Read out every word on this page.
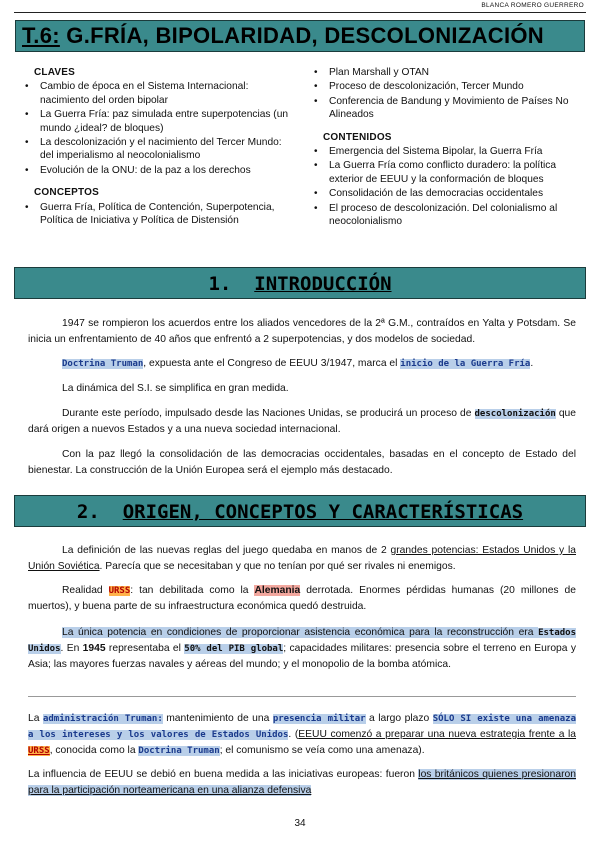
BLANCA ROMERO GUERRERO
T.6: G.FRÍA, BIPOLARIDAD, DESCOLONIZACIÓN
CLAVES
• Cambio de época en el Sistema Internacional: nacimiento del orden bipolar
• La Guerra Fría: paz simulada entre superpotencias (un mundo ¿ideal? de bloques)
• La descolonización y el nacimiento del Tercer Mundo: del imperialismo al neocolonialismo
• Evolución de la ONU: de la paz a los derechos
CONCEPTOS
• Guerra Fría, Política de Contención, Superpotencia, Política de Iniciativa y Política de Distensión
• Plan Marshall y OTAN
• Proceso de descolonización, Tercer Mundo
• Conferencia de Bandung y Movimiento de Países No Alineados
CONTENIDOS
• Emergencia del Sistema Bipolar, la Guerra Fría
• La Guerra Fría como conflicto duradero: la política exterior de EEUU y la conformación de bloques
• Consolidación de las democracias occidentales
• El proceso de descolonización. Del colonialismo al neocolonialismo
1. INTRODUCCIÓN
1947 se rompieron los acuerdos entre los aliados vencedores de la 2ª G.M., contraídos en Yalta y Potsdam. Se inicia un enfrentamiento de 40 años que enfrentó a 2 superpotencias, y dos modelos de sociedad.
Doctrina Truman, expuesta ante el Congreso de EEUU 3/1947, marca el inicio de la Guerra Fría.
La dinámica del S.I. se simplifica en gran medida.
Durante este período, impulsado desde las Naciones Unidas, se producirá un proceso de descolonización que dará origen a nuevos Estados y a una nueva sociedad internacional.
Con la paz llegó la consolidación de las democracias occidentales, basadas en el concepto de Estado del bienestar. La construcción de la Unión Europea será el ejemplo más destacado.
2. ORIGEN, CONCEPTOS Y CARACTERÍSTICAS
La definición de las nuevas reglas del juego quedaba en manos de 2 grandes potencias: Estados Unidos y la Unión Soviética. Parecía que se necesitaban y que no tenían por qué ser rivales ni enemigos.
Realidad URSS: tan debilitada como la Alemania derrotada. Enormes pérdidas humanas (20 millones de muertos), y buena parte de su infraestructura económica quedó destruida.
La única potencia en condiciones de proporcionar asistencia económica para la reconstrucción era Estados Unidos. En 1945 representaba el 50% del PIB global; capacidades militares: presencia sobre el terreno en Europa y Asia; las mayores fuerzas navales y aéreas del mundo; y el monopolio de la bomba atómica.
La administración Truman: mantenimiento de una presencia militar a largo plazo SÓLO SI existe una amenaza a los intereses y los valores de Estados Unidos. (EEUU comenzó a preparar una nueva estrategia frente a la URSS, conocida como la Doctrina Truman; el comunismo se veía como una amenaza).
La influencia de EEUU se debió en buena medida a las iniciativas europeas: fueron los británicos quienes presionaron para la participación norteamericana en una alianza defensiva
34
